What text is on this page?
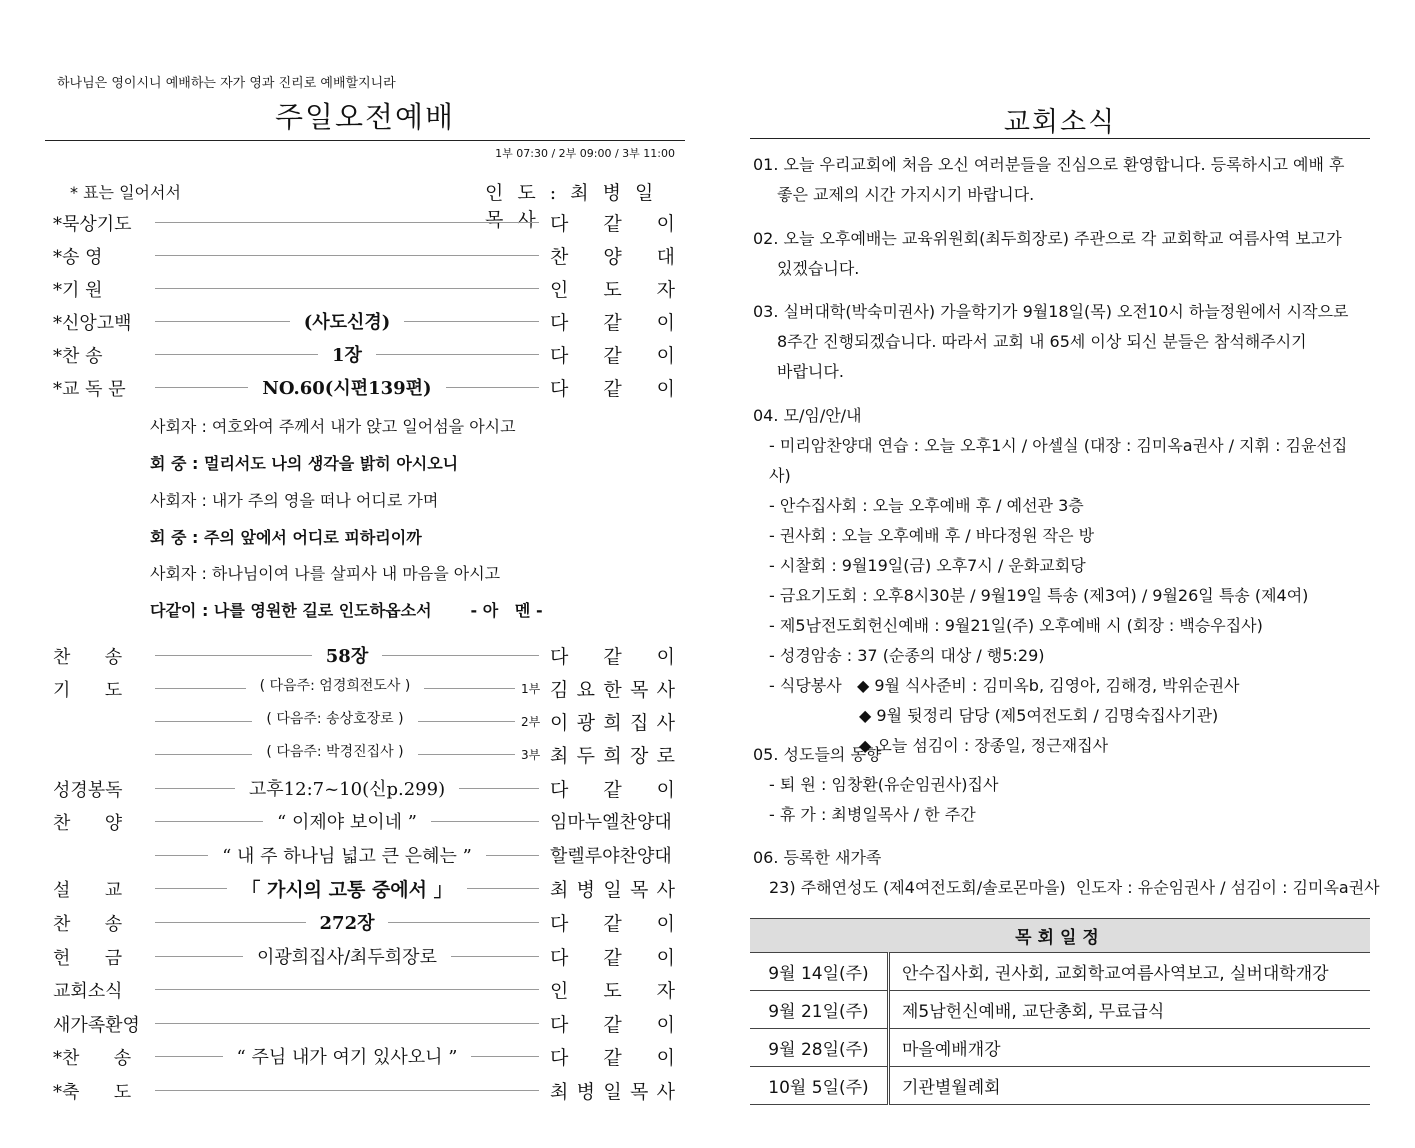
하나님은 영이시니 예배하는 자가 영과 진리로 예배할지니라
주일오전예배
1부 07:30 / 2부 09:00 / 3부 11:00
* 표는 일어서서	인 도 : 최 병 일 목 사
*묵상기도	다 같 이
*송 영	찬 양 대
*기 원	인 도 자
*신앙고백	(사도신경)	다 같 이
*찬 송	1장	다 같 이
*교 독 문	NO.60(시편139편)	다 같 이
사회자 : 여호와여 주께서 내가 앉고 일어섬을 아시고
회 중 : 멀리서도 나의 생각을 밝히 아시오니
사회자 : 내가 주의 영을 떠나 어디로 가며
회 중 : 주의 앞에서 어디로 피하리이까
사회자 : 하나님이여 나를 살피사 내 마음을 아시고
다같이 : 나를 영원한 길로 인도하옵소서       - 아   멘 -
찬      송	58장	다 같 이
기      도	( 다음주: 엄경희전도사 )	1부 김 요 한 목 사
( 다음주: 송상호장로 )	2부 이 광 희 집 사
( 다음주: 박경진집사 )	3부 최 두 희 장 로
성경봉독	고후12:7~10(신p.299)	다 같 이
찬      양	“ 이제야 보이네 ”	임마누엘찬양대
“ 내 주 하나님 넓고 큰 은혜는 ”	할렐루야찬양대
설      교	「 가시의 고통 중에서 」	최 병 일 목 사
찬      송	272장	다 같 이
헌      금	이광희집사/최두희장로	다 같 이
교회소식	인 도 자
새가족환영	다 같 이
*찬      송	“ 주님 내가 여기 있사오니 ”	다 같 이
*축      도	최 병 일 목 사
교회소식
01. 오늘 우리교회에 처음 오신 여러분들을 진심으로 환영합니다. 등록하시고 예배 후
좋은 교제의 시간 가지시기 바랍니다.
02. 오늘 오후예배는 교육위원회(최두희장로) 주관으로 각 교회학교 여름사역 보고가
있겠습니다.
03. 실버대학(박숙미권사) 가을학기가 9월18일(목) 오전10시 하늘정원에서 시작으로
8주간 진행되겠습니다. 따라서 교회 내 65세 이상 되신 분들은 참석해주시기
바랍니다.
04. 모/임/안/내
- 미리암찬양대 연습 : 오늘 오후1시 / 아셀실 (대장 : 김미옥a권사 / 지휘 : 김윤선집사)
- 안수집사회 : 오늘 오후예배 후 / 예선관 3층
- 권사회 : 오늘 오후예배 후 / 바다정원 작은 방
- 시찰회 : 9월19일(금) 오후7시 / 운화교회당
- 금요기도회 : 오후8시30분 / 9월19일 특송 (제3여) / 9월26일 특송 (제4여)
- 제5남전도회헌신예배 : 9월21일(주) 오후예배 시 (회장 : 백승우집사)
- 성경암송 : 37 (순종의 대상 / 행5:29)
- 식당봉사   ◆ 9월 식사준비 : 김미옥b, 김영아, 김해경, 박위순권사
◆ 9월 뒷정리 담당 (제5여전도회 / 김명숙집사기관)
◆ 오늘 섬김이 : 장종일, 정근재집사
05. 성도들의 동향
- 퇴 원 : 임창환(유순임권사)집사
- 휴 가 : 최병일목사 / 한 주간
06. 등록한 새가족
23) 주해연성도 (제4여전도회/솔로몬마을)  인도자 : 유순임권사 / 섬김이 : 김미옥a권사
목회일정	
9월 14일(주)	안수집사회, 권사회, 교회학교여름사역보고, 실버대학개강
9월 21일(주)	제5남헌신예배, 교단총회, 무료급식
9월 28일(주)	마을예배개강
10월 5일(주)	기관별월례회
